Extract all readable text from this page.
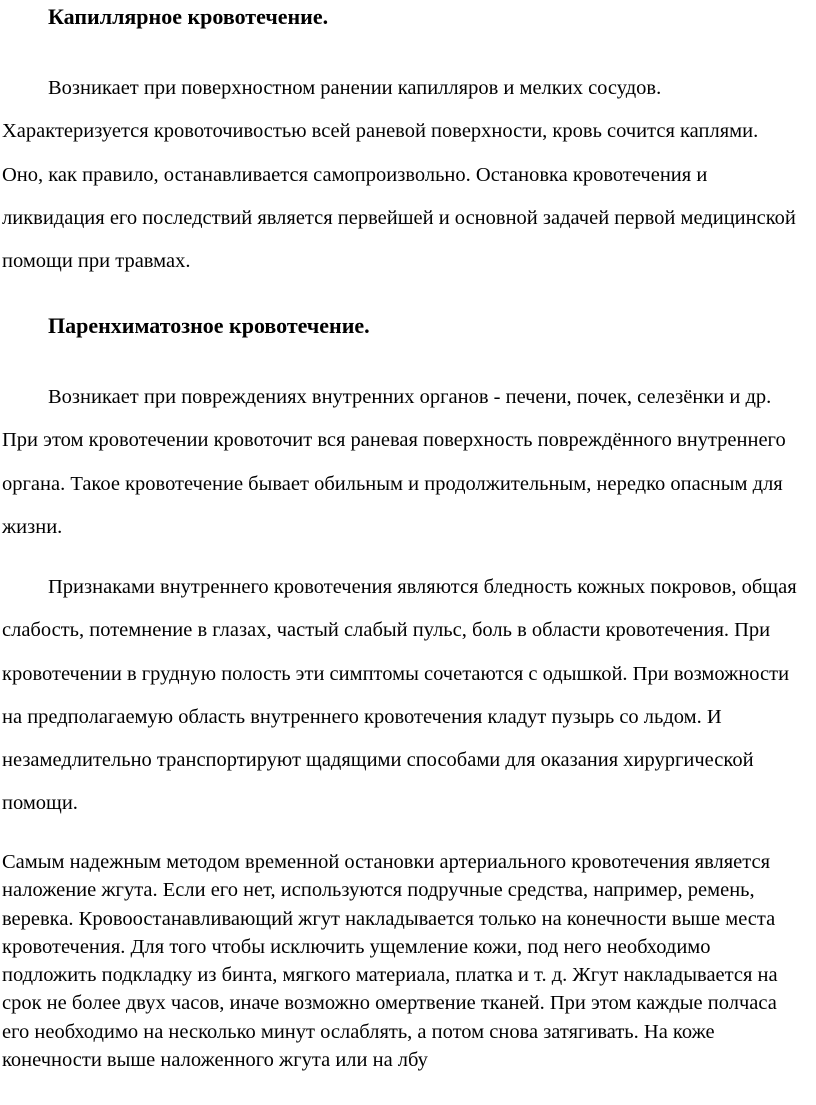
Капиллярное кровотечение.

Возникает при поверхностном ранении капилляров и мелких сосудов. Характеризуется кровоточивостью всей раневой поверхности, кровь сочится каплями. Оно, как правило, останавливается самопроизвольно. Остановка кровотечения и ликвидация его последствий является первейшей и основной задачей первой медицинской помощи при травмах.

Паренхиматозное кровотечение.

Возникает при повреждениях внутренних органов - печени, почек, селезёнки и др. При этом кровотечении кровоточит вся раневая поверхность повреждённого внутреннего органа. Такое кровотечение бывает обильным и продолжительным, нередко опасным для жизни.

Признаками внутреннего кровотечения являются бледность кожных покровов, общая слабость, потемнение в глазах, частый слабый пульс, боль в области кровотечения. При кровотечении в грудную полость эти симптомы сочетаются с одышкой. При возможности на предполагаемую область внутреннего кровотечения кладут пузырь со льдом. И незамедлительно транспортируют щадящими способами для оказания хирургической помощи.

Самым надежным методом временной остановки артериального кровотечения является наложение жгута. Если его нет, используются подручные средства, например, ремень, веревка. Кровоостанавливающий жгут накладывается только на конечности выше места кровотечения. Для того чтобы исключить ущемление кожи, под него необходимо подложить подкладку из бинта, мягкого материала, платка и т. д. Жгут накладывается на срок не более двух часов, иначе возможно омертвение тканей. При этом каждые полчаса его необходимо на несколько минут ослаблять, а потом снова затягивать. На коже конечности выше наложенного жгута или на лбу
